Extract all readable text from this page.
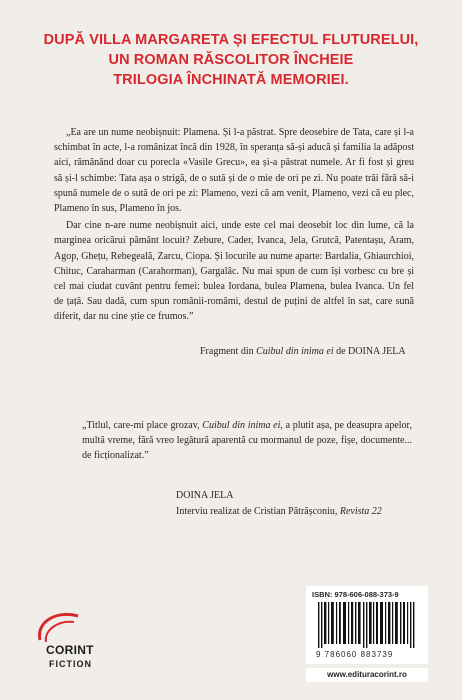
DUPĂ VILLA MARGARETA ȘI EFECTUL FLUTURELUI,
UN ROMAN RĂSCOLITOR ÎNCHEIE
TRILOGIA ÎNCHINATĂ MEMORIEI.

„Ea are un nume neobișnuit: Plamena. Și l-a păstrat. Spre deosebire de Tata, care și l-a schimbat în acte, l-a românizat încă din 1928, în speranța să-și aducă și familia la adăpost aici, rămânând doar cu porecla «Vasile Grecu», ea și-a păstrat numele. Ar fi fost și greu să și-l schimbe: Tata așa o strigă, de o sută și de o mie de ori pe zi. Nu poate trăi fără să-i spună numele de o sută de ori pe zi: Plameno, vezi că am venit, Plameno, vezi că eu plec, Plameno în sus, Plameno în jos.

Dar cine n-are nume neobișnuit aici, unde este cel mai deosebit loc din lume, că la marginea oricărui pământ locuit? Zebure, Cader, Ivanca, Jela, Grutcă, Patentașu, Aram, Agop, Ghețu, Rebegeală, Zarcu, Ciopa. Și locurile au nume aparte: Bardalia, Ghiaurchioi, Chituc, Caraharman (Carahorman), Gargalâc. Nu mai spun de cum își vorbesc cu bre și cel mai ciudat cuvânt pentru femei: bulea Iordana, bulea Plamena, bulea Ivanca. Un fel de țață. Sau dadă, cum spun românii-româmi, destul de puțini de altfel în sat, care sună diferit, dar nu cine știe ce frumos.”

Fragment din Cuibul din inima ei de DOINA JELA

„Titlul, care-mi place grozav, Cuibul din inima ei, a plutit așa, pe deasupra apelor, multă vreme, fără vreo legătură aparentă cu mormanul de poze, fișe, documente... de ficționalizat.”

DOINA JELA
Interviu realizat de Cristian Pătrășconiu, Revista 22
CORINT
FICTION
ISBN: 978-606-088-373-9
9 786060 883739
www.edituracorint.ro
